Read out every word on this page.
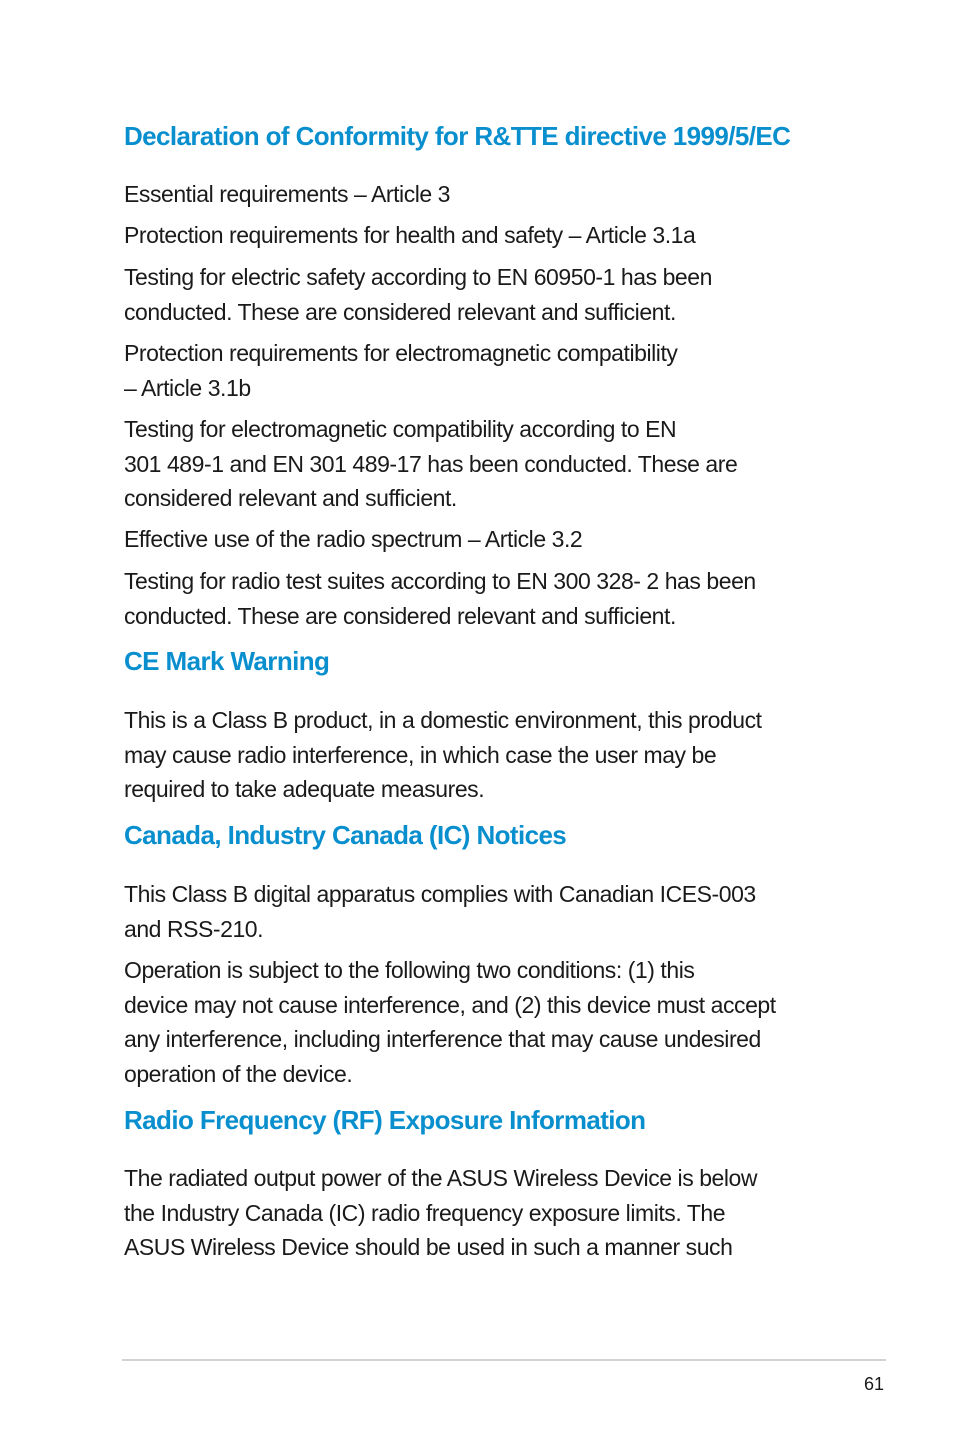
Declaration of Conformity for R&TTE directive 1999/5/EC

Essential requirements – Article 3

Protection requirements for health and safety – Article 3.1a

Testing for electric safety according to EN 60950-1 has been
conducted. These are considered relevant and sufficient.

Protection requirements for electromagnetic compatibility
– Article 3.1b

Testing for electromagnetic compatibility according to EN
301 489-1 and EN 301 489-17 has been conducted. These are
considered relevant and sufficient.

Effective use of the radio spectrum – Article 3.2

Testing for radio test suites according to EN 300 328- 2 has been
conducted. These are considered relevant and sufficient.

CE Mark Warning

This is a Class B product, in a domestic environment, this product
may cause radio interference, in which case the user may be
required to take adequate measures.

Canada, Industry Canada (IC) Notices

This Class B digital apparatus complies with Canadian ICES-003
and RSS-210.

Operation is subject to the following two conditions: (1) this
device may not cause interference, and (2) this device must accept
any interference, including interference that may cause undesired
operation of the device.

Radio Frequency (RF) Exposure Information

The radiated output power of the ASUS Wireless Device is below
the Industry Canada (IC) radio frequency exposure limits. The
ASUS Wireless Device should be used in such a manner such

61
